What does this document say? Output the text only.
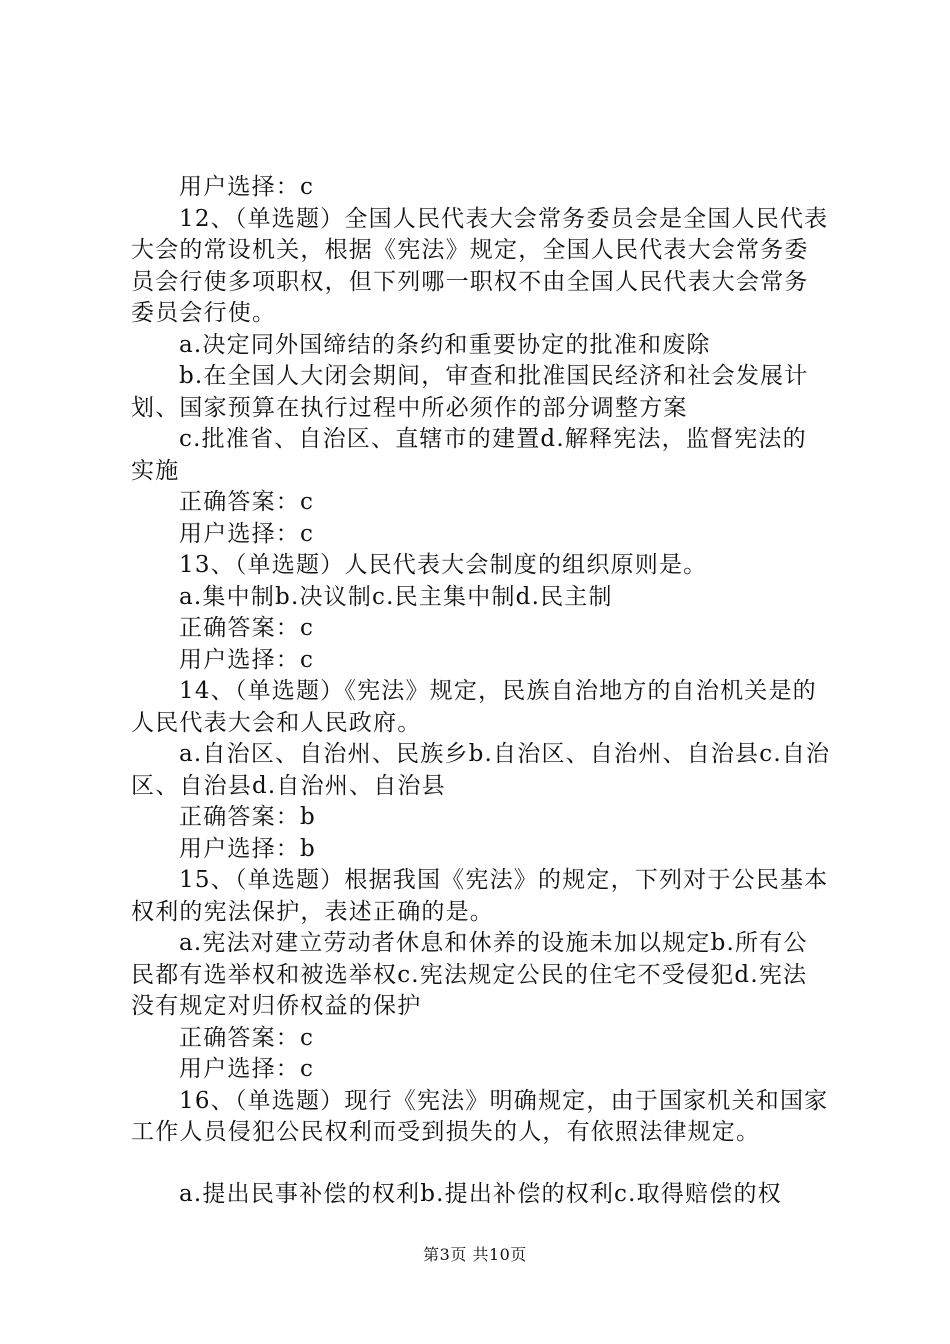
用户选择：c

12、（单选题）全国人民代表大会常务委员会是全国人民代表大会的常设机关，根据《宪法》规定，全国人民代表大会常务委员会行使多项职权，但下列哪一职权不由全国人民代表大会常务委员会行使。

a.决定同外国缔结的条约和重要协定的批准和废除

b.在全国人大闭会期间，审查和批准国民经济和社会发展计划、国家预算在执行过程中所必须作的部分调整方案

c.批准省、自治区、直辖市的建置d.解释宪法，监督宪法的实施

正确答案：c

用户选择：c

13、（单选题）人民代表大会制度的组织原则是。

a.集中制b.决议制c.民主集中制d.民主制

正确答案：c

用户选择：c

14、（单选题）《宪法》规定，民族自治地方的自治机关是的人民代表大会和人民政府。

a.自治区、自治州、民族乡b.自治区、自治州、自治县c.自治区、自治县d.自治州、自治县

正确答案：b

用户选择：b

15、（单选题）根据我国《宪法》的规定，下列对于公民基本权利的宪法保护，表述正确的是。

a.宪法对建立劳动者休息和休养的设施未加以规定b.所有公民都有选举权和被选举权c.宪法规定公民的住宅不受侵犯d.宪法没有规定对归侨权益的保护

正确答案：c

用户选择：c

16、（单选题）现行《宪法》明确规定，由于国家机关和国家工作人员侵犯公民权利而受到损失的人，有依照法律规定。

a.提出民事补偿的权利b.提出补偿的权利c.取得赔偿的权

第3页 共10页
